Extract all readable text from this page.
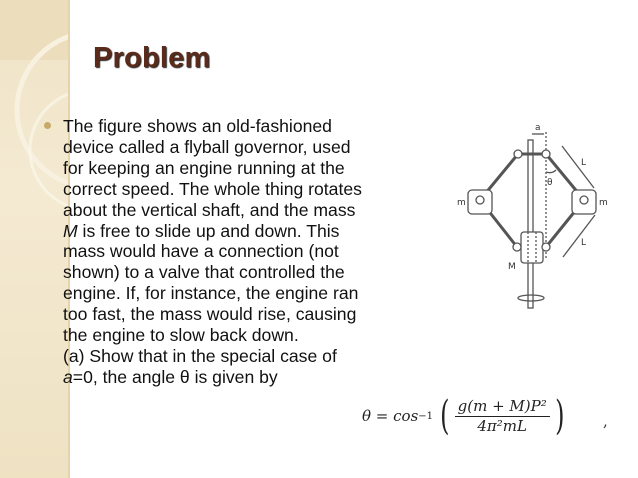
Problem
The figure shows an old-fashioned
device called a flyball governor, used
for keeping an engine running at the
correct speed. The whole thing rotates
about the vertical shaft, and the mass
M is free to slide up and down. This
mass would have a connection (not
shown) to a valve that controlled the
engine. If, for instance, the engine ran
too fast, the mass would rise, causing
the engine to slow back down.
(a) Show that in the special case of
a=0, the angle θ is given by
a
L
L
θ
m	m
M
θ = cos −1 ( $\frac{\text{g(m + M)P²}}{\text{4π²mL}}$ )	,
